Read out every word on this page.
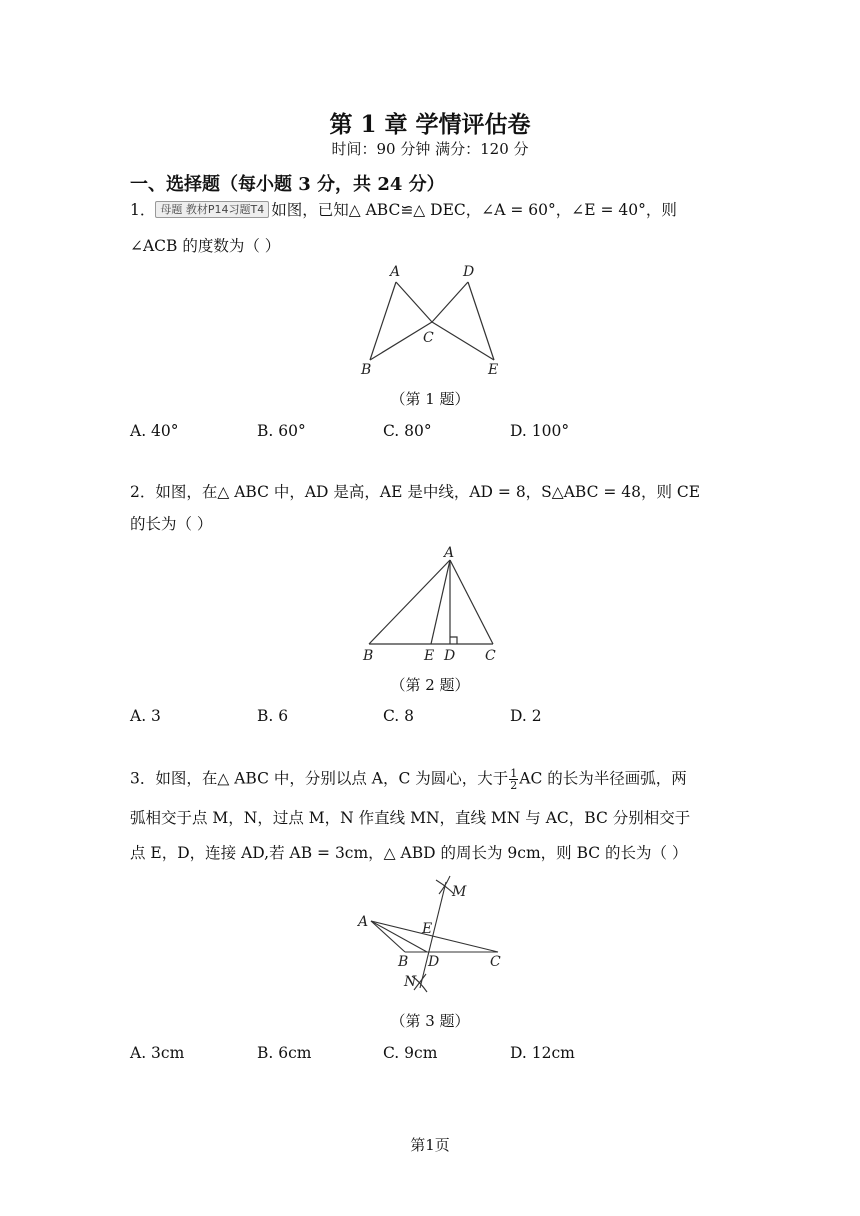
第 1 章 学情评估卷
时间：90 分钟 满分：120 分
一、选择题（每小题 3 分，共 24 分）
1． 母题 教材P14习题T4 如图，已知△ ABC≌△ DEC，∠A = 60°，∠E = 40°，则
∠ACB 的度数为（ ）
A	D
C
B	E
（第 1 题）
A. 40°	B. 60°	C. 80°	D. 100°
2．如图，在△ ABC 中，AD 是高，AE 是中线，AD = 8，S△ABC = 48，则 CE
的长为（ ）
A
B	E D C
（第 2 题）
A. 3	B. 6	C. 8	D. 2
3．如图，在△ ABC 中，分别以点 A，C 为圆心，大于 $\frac{1}{2}$ AC 的长为半径画弧，两
弧相交于点 M，N，过点 M，N 作直线 MN，直线 MN 与 AC，BC 分别相交于
点 E，D，连接 AD,若 AB = 3cm，△ ABD 的周长为 9cm，则 BC 的长为（ ）
M
A	E
B D	C
N
（第 3 题）
A. 3cm	B. 6cm	C. 9cm	D. 12cm
第1页
